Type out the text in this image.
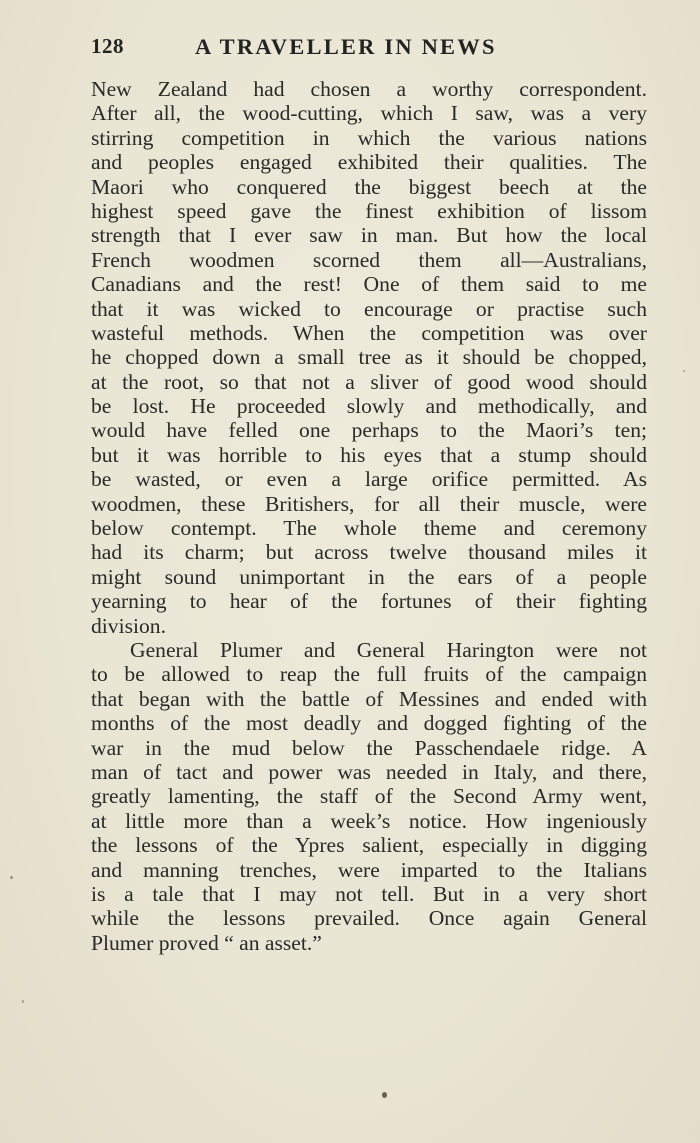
128	A TRAVELLER IN NEWS
New Zealand had chosen a worthy correspondent.
After all, the wood-cutting, which I saw, was a very
stirring competition in which the various nations
and peoples engaged exhibited their qualities. The
Maori who conquered the biggest beech at the
highest speed gave the finest exhibition of lissom
strength that I ever saw in man. But how the local
French woodmen scorned them all—Australians,
Canadians and the rest! One of them said to me
that it was wicked to encourage or practise such
wasteful methods. When the competition was over
he chopped down a small tree as it should be chopped,
at the root, so that not a sliver of good wood should
be lost. He proceeded slowly and methodically, and
would have felled one perhaps to the Maori’s ten;
but it was horrible to his eyes that a stump should
be wasted, or even a large orifice permitted. As
woodmen, these Britishers, for all their muscle, were
below contempt. The whole theme and ceremony
had its charm; but across twelve thousand miles it
might sound unimportant in the ears of a people
yearning to hear of the fortunes of their fighting
division.
General Plumer and General Harington were not
to be allowed to reap the full fruits of the campaign
that began with the battle of Messines and ended with
months of the most deadly and dogged fighting of the
war in the mud below the Passchendaele ridge. A
man of tact and power was needed in Italy, and there,
greatly lamenting, the staff of the Second Army went,
at little more than a week’s notice. How ingeniously
the lessons of the Ypres salient, especially in digging
and manning trenches, were imparted to the Italians
is a tale that I may not tell. But in a very short
while the lessons prevailed. Once again General
Plumer proved “ an asset.”
